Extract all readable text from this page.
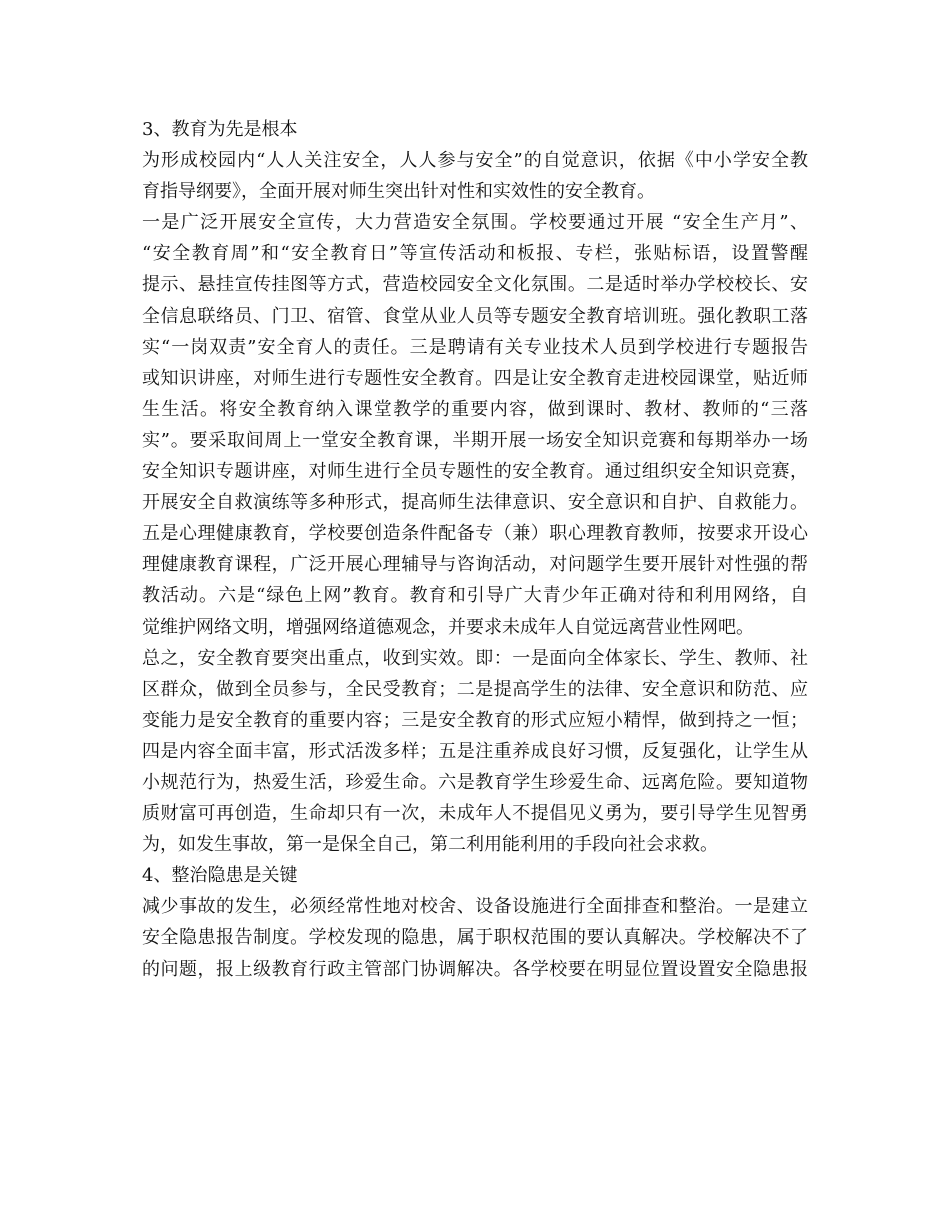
3、教育为先是根本
为形成校园内“人人关注安全，人人参与安全”的自觉意识，依据《中小学安全教
育指导纲要》，全面开展对师生突出针对性和实效性的安全教育。
一是广泛开展安全宣传，大力营造安全氛围。学校要通过开展 “安全生产月”、
“安全教育周”和“安全教育日”等宣传活动和板报、专栏，张贴标语，设置警醒
提示、悬挂宣传挂图等方式，营造校园安全文化氛围。二是适时举办学校校长、安
全信息联络员、门卫、宿管、食堂从业人员等专题安全教育培训班。强化教职工落
实“一岗双责”安全育人的责任。三是聘请有关专业技术人员到学校进行专题报告
或知识讲座，对师生进行专题性安全教育。四是让安全教育走进校园课堂，贴近师
生生活。将安全教育纳入课堂教学的重要内容，做到课时、教材、教师的“三落
实”。要采取间周上一堂安全教育课，半期开展一场安全知识竞赛和每期举办一场
安全知识专题讲座，对师生进行全员专题性的安全教育。通过组织安全知识竞赛，
开展安全自救演练等多种形式，提高师生法律意识、安全意识和自护、自救能力。
五是心理健康教育，学校要创造条件配备专（兼）职心理教育教师，按要求开设心
理健康教育课程，广泛开展心理辅导与咨询活动，对问题学生要开展针对性强的帮
教活动。六是“绿色上网”教育。教育和引导广大青少年正确对待和利用网络，自
觉维护网络文明，增强网络道德观念，并要求未成年人自觉远离营业性网吧。
总之，安全教育要突出重点，收到实效。即：一是面向全体家长、学生、教师、社
区群众，做到全员参与，全民受教育；二是提高学生的法律、安全意识和防范、应
变能力是安全教育的重要内容；三是安全教育的形式应短小精悍，做到持之一恒；
四是内容全面丰富，形式活泼多样；五是注重养成良好习惯，反复强化，让学生从
小规范行为，热爱生活，珍爱生命。六是教育学生珍爱生命、远离危险。要知道物
质财富可再创造，生命却只有一次，未成年人不提倡见义勇为，要引导学生见智勇
为，如发生事故，第一是保全自己，第二利用能利用的手段向社会求救。
4、整治隐患是关键
减少事故的发生，必须经常性地对校舍、设备设施进行全面排查和整治。一是建立
安全隐患报告制度。学校发现的隐患，属于职权范围的要认真解决。学校解决不了
的问题，报上级教育行政主管部门协调解决。各学校要在明显位置设置安全隐患报
